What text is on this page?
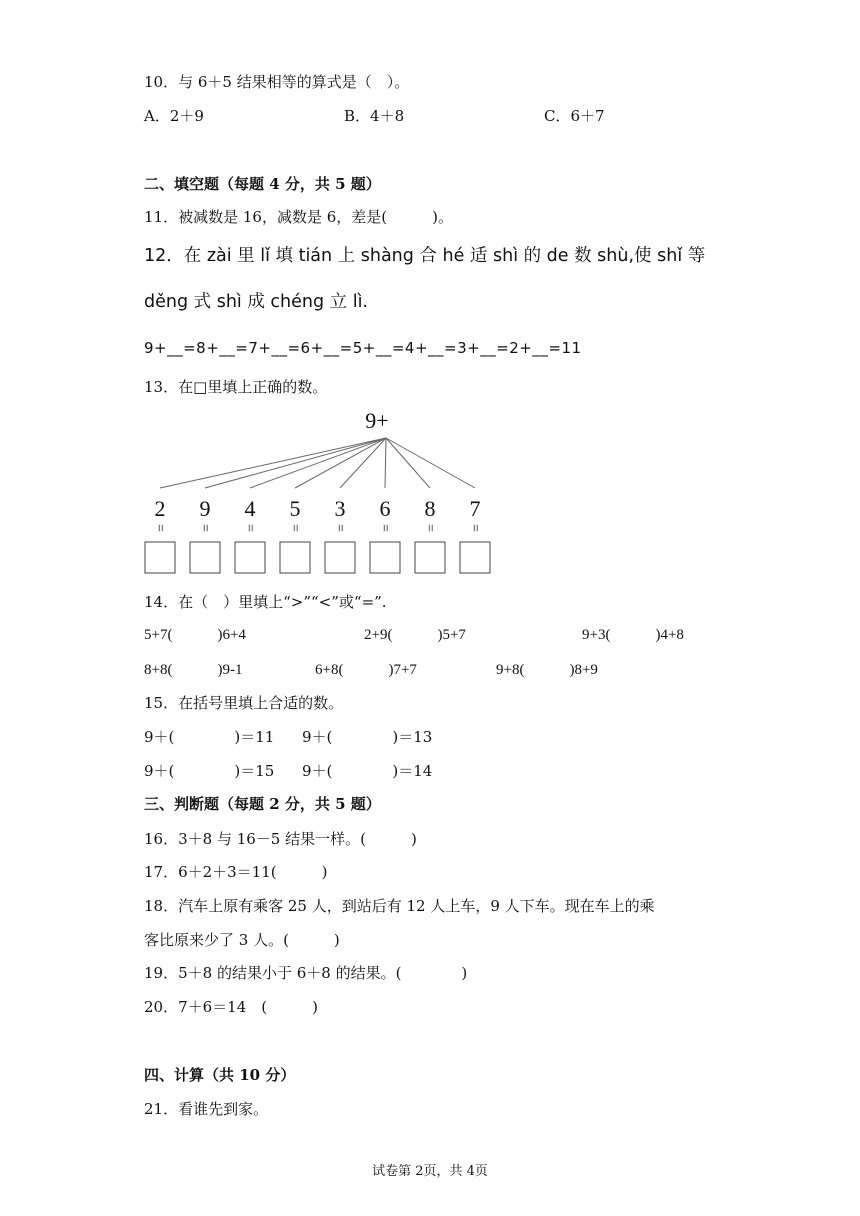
10．与 6＋5 结果相等的算式是（　）。
A．2＋9	B．4＋8	C．6＋7
二、填空题（每题 4 分，共 5 题）
11．被减数是 16，减数是 6，差是(　　　)。
12．在 zài 里 lǐ 填 tián 上 shàng 合 hé 适 shì 的 de 数 shù,使 shǐ 等
děng 式 shì 成 chéng 立 lì.
9+__=8+__=7+__=6+__=5+__=4+__=3+__=2+__=11
13．在□里填上正确的数。
9+
2
=
9
=
4
=
5
=
3
=
6
=
8
=
7
=
14．在（　）里填上“>”“<”或“=”.
5+7(　　　)6+4	2+9(　　　)5+7	9+3(　　　)4+8
8+8(　　　)9-1	6+8(　　　)7+7	9+8(　　　)8+9
15．在括号里填上合适的数。
9＋(　　　　)＝11 9＋(　　　　)＝13
9＋(　　　　)＝15 9＋(　　　　)＝14
三、判断题（每题 2 分，共 5 题）
16．3＋8 与 16－5 结果一样。(　　　)
17．6＋2＋3＝11(　　　)
18．汽车上原有乘客 25 人，到站后有 12 人上车，9 人下车。现在车上的乘
客比原来少了 3 人。(　　　)
19．5＋8 的结果小于 6＋8 的结果。(　　　　)
20．7＋6＝14　(　　　)
四、计算（共 10 分）
21．看谁先到家。
试卷第 2页，共 4页
